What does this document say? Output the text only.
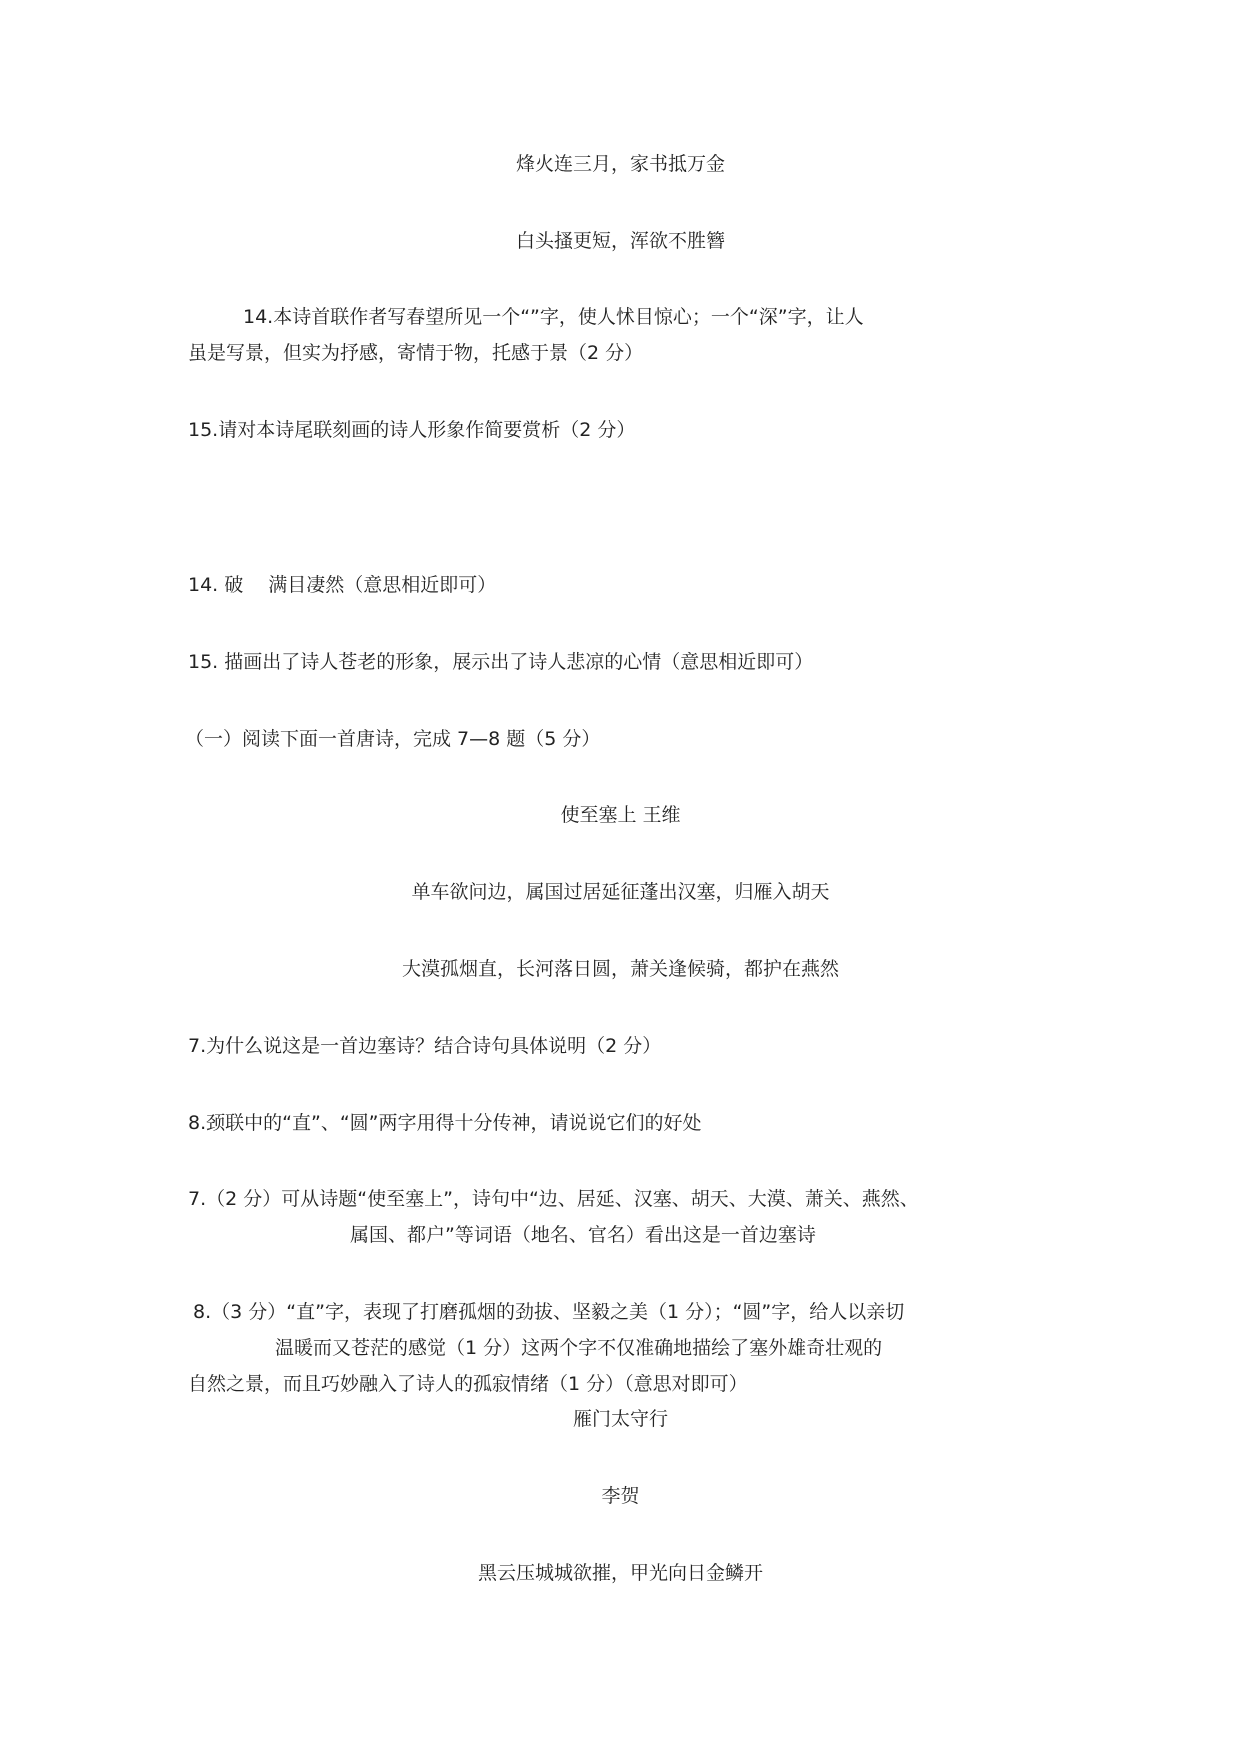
烽火连三月，家书抵万金
白头搔更短，浑欲不胜簪
14.本诗首联作者写春望所见一个“”字，使人怵目惊心；一个“深”字，让人
虽是写景，但实为抒感，寄情于物，托感于景（2 分）
15.请对本诗尾联刻画的诗人形象作简要赏析（2 分）
14. 破　 满目凄然（意思相近即可）
15. 描画出了诗人苍老的形象，展示出了诗人悲凉的心情（意思相近即可）
（一）阅读下面一首唐诗，完成 7—8 题（5 分）
使至塞上 王维
单车欲问边，属国过居延征蓬出汉塞，归雁入胡天
大漠孤烟直，长河落日圆，萧关逢候骑，都护在燕然
7.为什么说这是一首边塞诗？结合诗句具体说明（2 分）
8.颈联中的“直”、“圆”两字用得十分传神，请说说它们的好处
7.（2 分）可从诗题“使至塞上”，诗句中“边、居延、汉塞、胡天、大漠、萧关、燕然、
属国、都户”等词语（地名、官名）看出这是一首边塞诗
8.（3 分）“直”字，表现了打磨孤烟的劲拔、坚毅之美（1 分）；“圆”字，给人以亲切
温暖而又苍茫的感觉（1 分）这两个字不仅准确地描绘了塞外雄奇壮观的
自然之景，而且巧妙融入了诗人的孤寂情绪（1 分）（意思对即可）
雁门太守行
李贺
黑云压城城欲摧，甲光向日金鳞开
